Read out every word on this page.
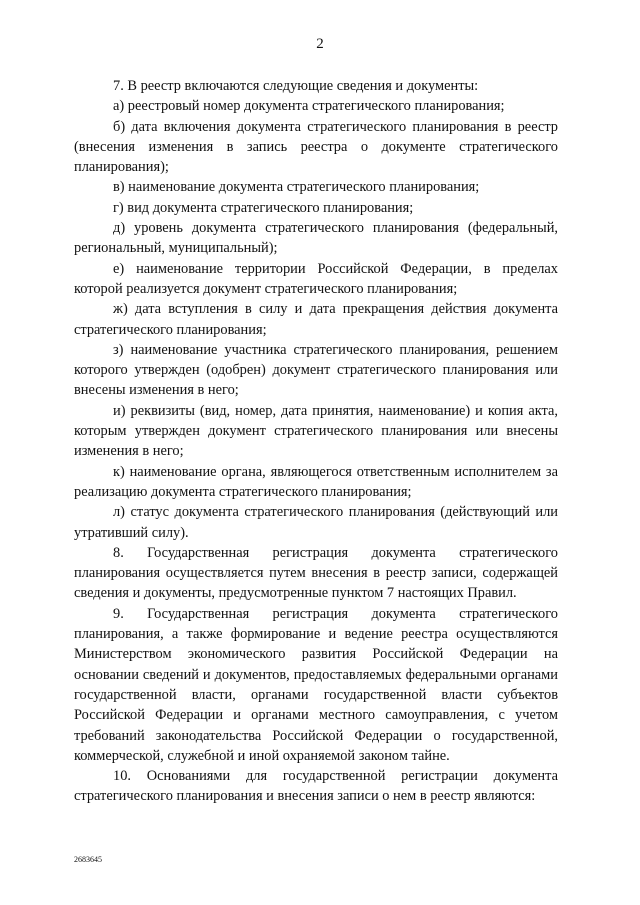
2

7. В реестр включаются следующие сведения и документы:

а) реестровый номер документа стратегического планирования;

б) дата включения документа стратегического планирования в реестр (внесения изменения в запись реестра о документе стратегического планирования);

в) наименование документа стратегического планирования;

г) вид документа стратегического планирования;

д) уровень документа стратегического планирования (федеральный, региональный, муниципальный);

е) наименование территории Российской Федерации, в пределах которой реализуется документ стратегического планирования;

ж) дата вступления в силу и дата прекращения действия документа стратегического планирования;

з) наименование участника стратегического планирования, решением которого утвержден (одобрен) документ стратегического планирования или внесены изменения в него;

и) реквизиты (вид, номер, дата принятия, наименование) и копия акта, которым утвержден документ стратегического планирования или внесены изменения в него;

к) наименование органа, являющегося ответственным исполнителем за реализацию документа стратегического планирования;

л) статус документа стратегического планирования (действующий или утративший силу).

8. Государственная регистрация документа стратегического планирования осуществляется путем внесения в реестр записи, содержащей сведения и документы, предусмотренные пунктом 7 настоящих Правил.

9. Государственная регистрация документа стратегического планирования, а также формирование и ведение реестра осуществляются Министерством экономического развития Российской Федерации на основании сведений и документов, предоставляемых федеральными органами государственной власти, органами государственной власти субъектов Российской Федерации и органами местного самоуправления, с учетом требований законодательства Российской Федерации о государственной, коммерческой, служебной и иной охраняемой законом тайне.

10. Основаниями для государственной регистрации документа стратегического планирования и внесения записи о нем в реестр являются:

2683645
